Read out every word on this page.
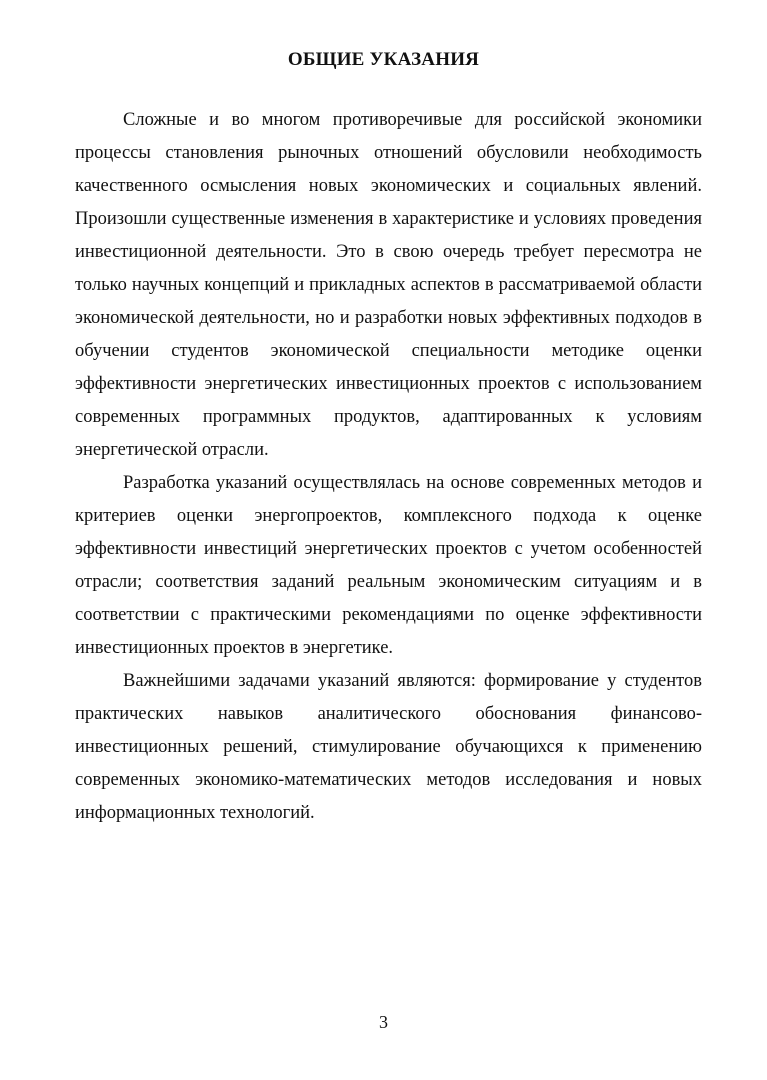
ОБЩИЕ УКАЗАНИЯ

Сложные и во многом противоречивые для российской экономики процессы становления рыночных отношений обусловили необходимость качественного осмысления новых экономических и социальных явлений. Произошли существенные изменения в характеристике и условиях проведения инвестиционной деятельности. Это в свою очередь требует пересмотра не только научных концепций и прикладных аспектов в рассматриваемой области экономической деятельности, но и разработки новых эффективных подходов в обучении студентов экономической специальности методике оценки эффективности энергетических инвестиционных проектов с использованием современных программных продуктов, адаптированных к условиям энергетической отрасли.

Разработка указаний осуществлялась на основе современных методов и критериев оценки энергопроектов, комплексного подхода к оценке эффективности инвестиций энергетических проектов с учетом особенностей отрасли; соответствия заданий реальным экономическим ситуациям и в соответствии с практическими рекомендациями по оценке эффективности инвестиционных проектов в энергетике.

Важнейшими задачами указаний являются: формирование у студентов практических навыков аналитического обоснования финансово-инвестиционных решений, стимулирование обучающихся к применению современных экономико-математических методов исследования и новых информационных технологий.

3
